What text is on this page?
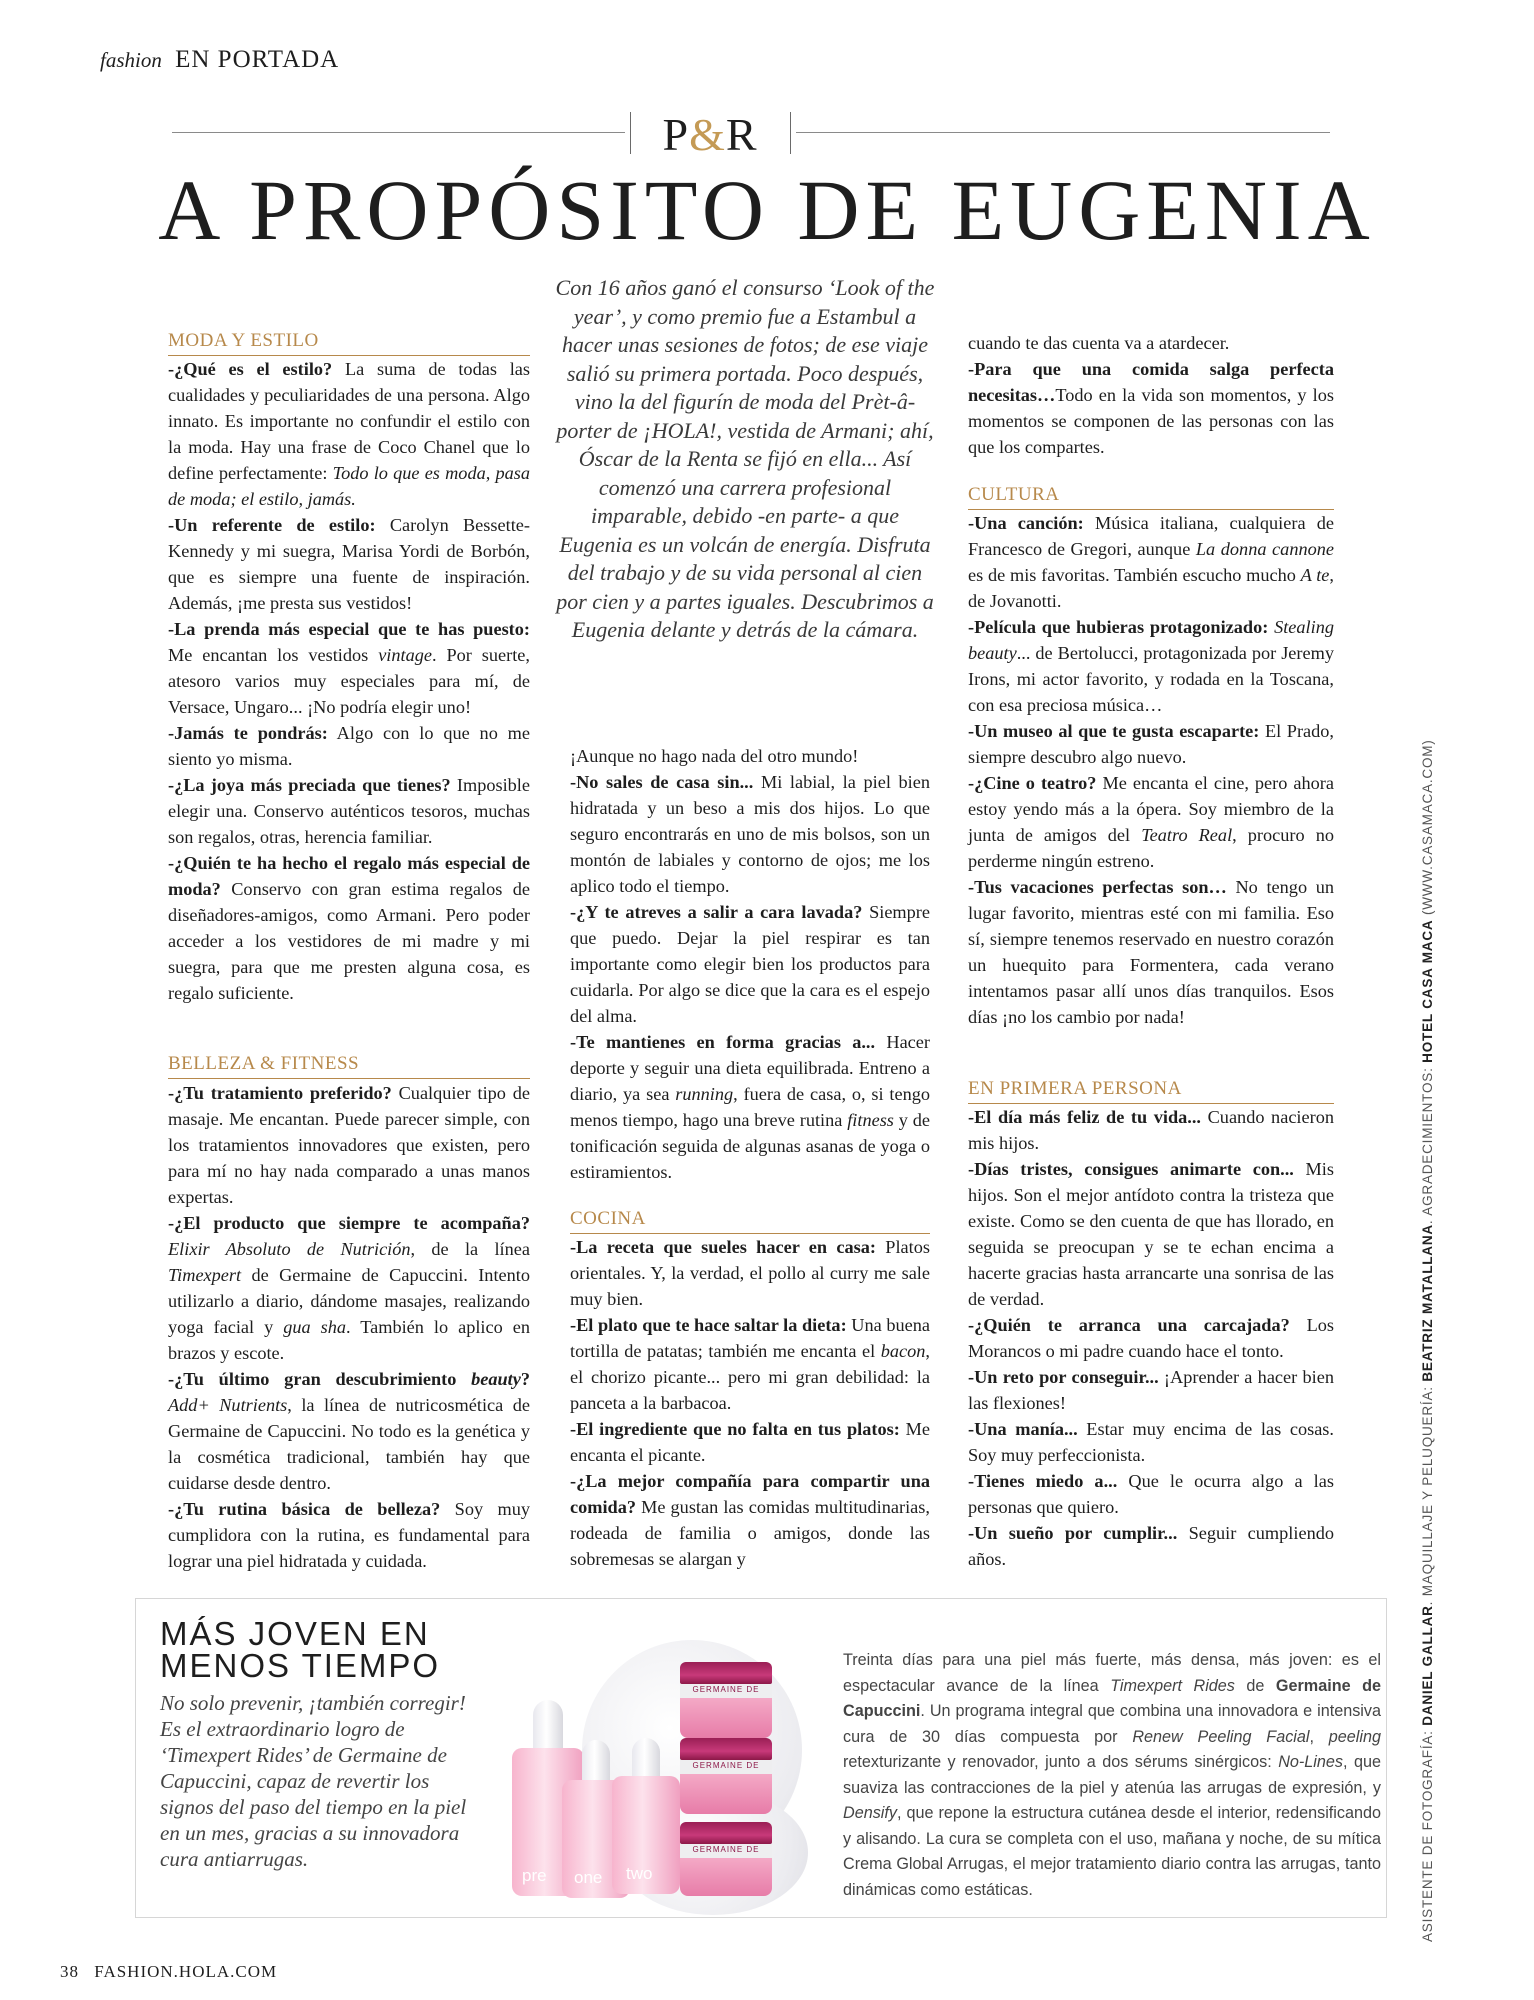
fashion EN PORTADA
P&R
A PROPÓSITO DE EUGENIA
Con 16 años ganó el consurso ‘Look of the year’, y como premio fue a Estambul a hacer unas sesiones de fotos; de ese viaje salió su primera portada. Poco después, vino la del figurín de moda del Prèt-â-porter de ¡HOLA!, vestida de Armani; ahí, Óscar de la Renta se fijó en ella... Así comenzó una carrera profesional imparable, debido -en parte- a que Eugenia es un volcán de energía. Disfruta del trabajo y de su vida personal al cien por cien y a partes iguales. Descubrimos a Eugenia delante y detrás de la cámara.
MODA Y ESTILO

-¿Qué es el estilo? La suma de todas las cualidades y peculiaridades de una persona. Algo innato. Es importante no confundir el estilo con la moda. Hay una frase de Coco Chanel que lo define perfectamente: Todo lo que es moda, pasa de moda; el estilo, jamás.

-Un referente de estilo: Carolyn Bessette-Kennedy y mi suegra, Marisa Yordi de Borbón, que es siempre una fuente de inspiración. Además, ¡me presta sus vestidos!

-La prenda más especial que te has puesto: Me encantan los vestidos vintage. Por suerte, atesoro varios muy especiales para mí, de Versace, Ungaro... ¡No podría elegir uno!

-Jamás te pondrás: Algo con lo que no me siento yo misma.

-¿La joya más preciada que tienes? Imposible elegir una. Conservo auténticos tesoros, muchas son regalos, otras, herencia familiar.

-¿Quién te ha hecho el regalo más especial de moda? Conservo con gran estima regalos de diseñadores-amigos, como Armani. Pero poder acceder a los vestidores de mi madre y mi suegra, para que me presten alguna cosa, es regalo suficiente.

BELLEZA & FITNESS

-¿Tu tratamiento preferido? Cualquier tipo de masaje. Me encantan. Puede parecer simple, con los tratamientos innovadores que existen, pero para mí no hay nada comparado a unas manos expertas.

-¿El producto que siempre te acompaña? Elixir Absoluto de Nutrición, de la línea Timexpert de Germaine de Capuccini. Intento utilizarlo a diario, dándome masajes, realizando yoga facial y gua sha. También lo aplico en brazos y escote.

-¿Tu último gran descubrimiento beauty? Add+ Nutrients, la línea de nutricosmética de Germaine de Capuccini. No todo es la genética y la cosmética tradicional, también hay que cuidarse desde dentro.

-¿Tu rutina básica de belleza? Soy muy cumplidora con la rutina, es fundamental para lograr una piel hidratada y cuidada.

¡Aunque no hago nada del otro mundo!

-No sales de casa sin... Mi labial, la piel bien hidratada y un beso a mis dos hijos. Lo que seguro encontrarás en uno de mis bolsos, son un montón de labiales y contorno de ojos; me los aplico todo el tiempo.

-¿Y te atreves a salir a cara lavada? Siempre que puedo. Dejar la piel respirar es tan importante como elegir bien los productos para cuidarla. Por algo se dice que la cara es el espejo del alma.

-Te mantienes en forma gracias a... Hacer deporte y seguir una dieta equilibrada. Entreno a diario, ya sea running, fuera de casa, o, si tengo menos tiempo, hago una breve rutina fitness y de tonificación seguida de algunas asanas de yoga o estiramientos.

COCINA

-La receta que sueles hacer en casa: Platos orientales. Y, la verdad, el pollo al curry me sale muy bien.

-El plato que te hace saltar la dieta: Una buena tortilla de patatas; también me encanta el bacon, el chorizo picante... pero mi gran debilidad: la panceta a la barbacoa.

-El ingrediente que no falta en tus platos: Me encanta el picante.

-¿La mejor compañía para compartir una comida? Me gustan las comidas multitudinarias, rodeada de familia o amigos, donde las sobremesas se alargan y

cuando te das cuenta va a atardecer.

-Para que una comida salga perfecta necesitas…Todo en la vida son momentos, y los momentos se componen de las personas con las que los compartes.

CULTURA

-Una canción: Música italiana, cualquiera de Francesco de Gregori, aunque La donna cannone es de mis favoritas. También escucho mucho A te, de Jovanotti.

-Película que hubieras protagonizado: Stealing beauty... de Bertolucci, protagonizada por Jeremy Irons, mi actor favorito, y rodada en la Toscana, con esa preciosa música…

-Un museo al que te gusta escaparte: El Prado, siempre descubro algo nuevo.

-¿Cine o teatro? Me encanta el cine, pero ahora estoy yendo más a la ópera. Soy miembro de la junta de amigos del Teatro Real, procuro no perderme ningún estreno.

-Tus vacaciones perfectas son… No tengo un lugar favorito, mientras esté con mi familia. Eso sí, siempre tenemos reservado en nuestro corazón un huequito para Formentera, cada verano intentamos pasar allí unos días tranquilos. Esos días ¡no los cambio por nada!

EN PRIMERA PERSONA

-El día más feliz de tu vida... Cuando nacieron mis hijos.

-Días tristes, consigues animarte con... Mis hijos. Son el mejor antídoto contra la tristeza que existe. Como se den cuenta de que has llorado, en seguida se preocupan y se te echan encima a hacerte gracias hasta arrancarte una sonrisa de las de verdad.

-¿Quién te arranca una carcajada? Los Morancos o mi padre cuando hace el tonto.

-Un reto por conseguir... ¡Aprender a hacer bien las flexiones!

-Una manía... Estar muy encima de las cosas. Soy muy perfeccionista.

-Tienes miedo a... Que le ocurra algo a las personas que quiero.

-Un sueño por cumplir... Seguir cumpliendo años.

MÁS JOVEN EN
MENOS TIEMPO
No solo prevenir, ¡también corregir! Es el extraordinario logro de ‘Timexpert Rides’ de Germaine de Capuccini, capaz de revertir los signos del paso del tiempo en la piel en un mes, gracias a su innovadora cura antiarrugas.
pre one two
GERMAINE DE
GERMAINE DE
GERMAINE DE
Treinta días para una piel más fuerte, más densa, más joven: es el espectacular avance de la línea Timexpert Rides de Germaine de Capuccini. Un programa integral que combina una innovadora e intensiva cura de 30 días compuesta por Renew Peeling Facial, peeling retexturizante y renovador, junto a dos sérums sinérgicos: No-Lines, que suaviza las contracciones de la piel y atenúa las arrugas de expresión, y Densify, que repone la estructura cutánea desde el interior, redensificando y alisando. La cura se completa con el uso, mañana y noche, de su mítica Crema Global Arrugas, el mejor tratamiento diario contra las arrugas, tanto dinámicas como estáticas.	ASISTENTE DE FOTOGRAFÍA: DANIEL GALLAR. MAQUILLAJE Y PELUQUERÍA: BEATRIZ MATALLANA. AGRADECIMIENTOS: HOTEL CASA MACA (WWW.CASAMACA.COM)
38 FASHION.HOLA.COM
